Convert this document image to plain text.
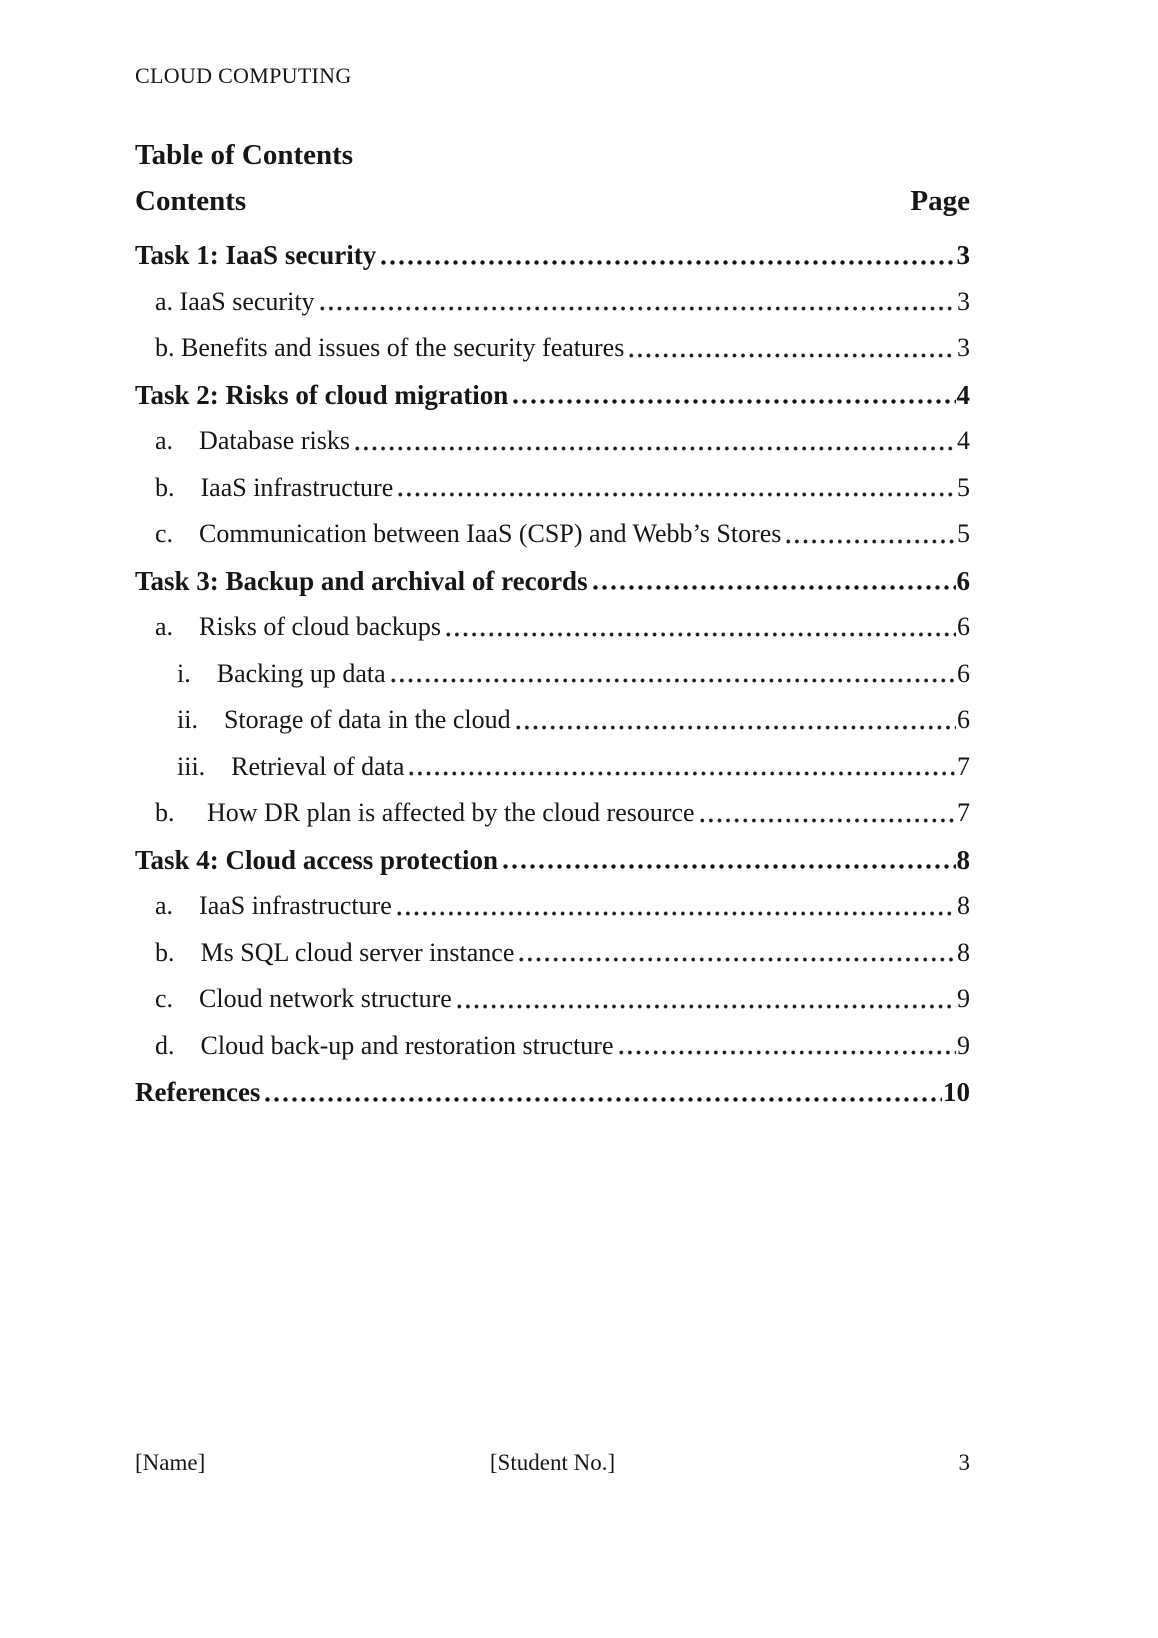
CLOUD COMPUTING
Table of Contents
Contents	Page
Task 1: IaaS security	3
a. IaaS security	3
b. Benefits and issues of the security features	3
Task 2: Risks of cloud migration	4
a.    Database risks	4
b.    IaaS infrastructure	5
c.    Communication between IaaS (CSP) and Webb’s Stores	5
Task 3: Backup and archival of records	6
a.    Risks of cloud backups	6
i.    Backing up data	6
ii.    Storage of data in the cloud	6
iii.    Retrieval of data	7
b.     How DR plan is affected by the cloud resource	7
Task 4: Cloud access protection	8
a.    IaaS infrastructure	8
b.    Ms SQL cloud server instance	8
c.    Cloud network structure	9
d.    Cloud back-up and restoration structure	9
References	10
[Name]	[Student No.]	3
